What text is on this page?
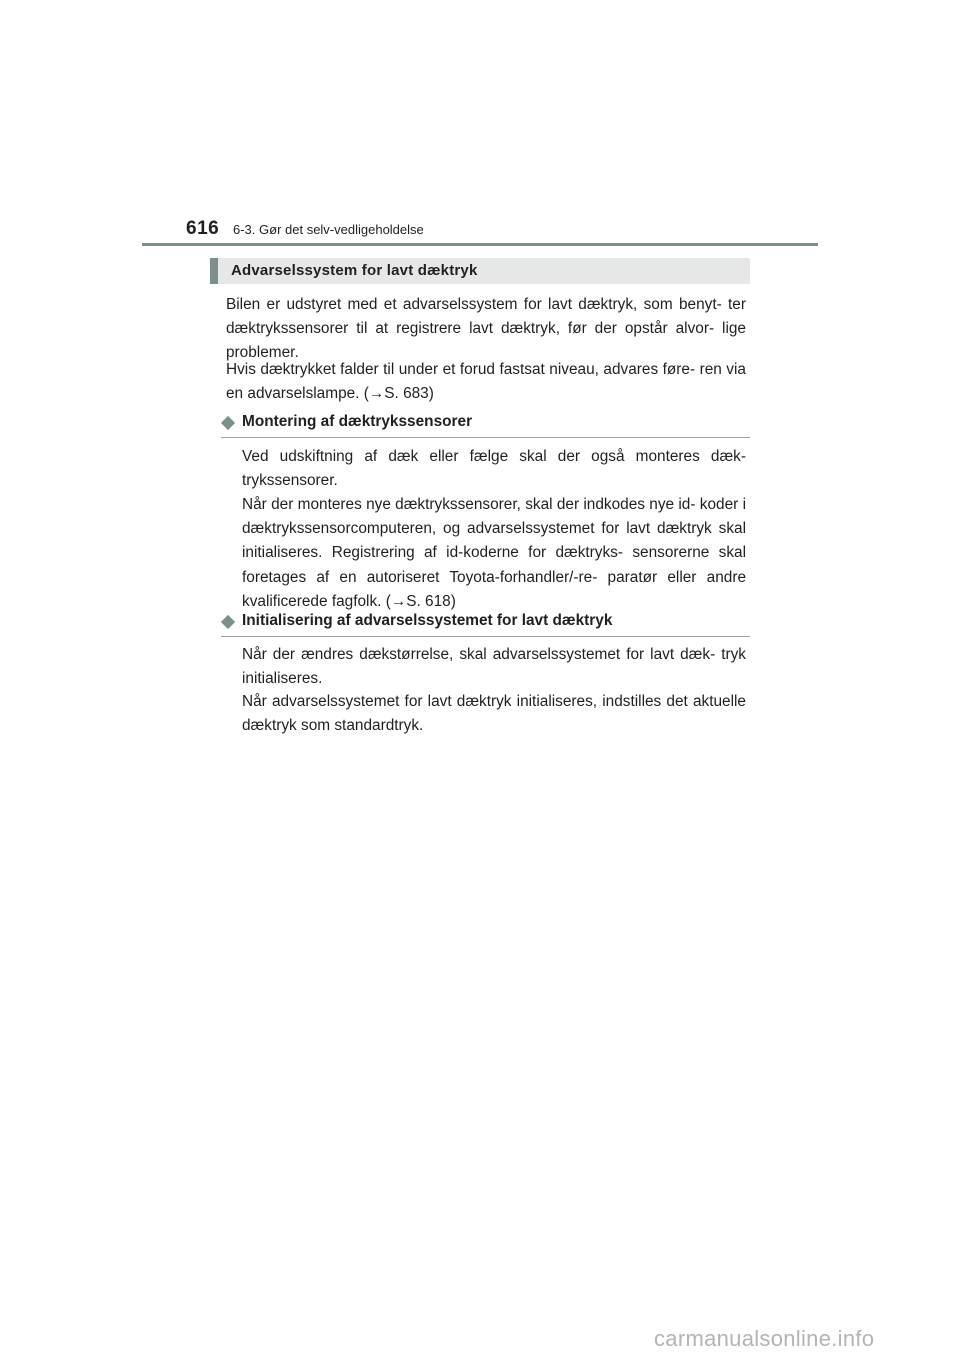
616 6-3. Gør det selv-vedligeholdelse
Advarselssystem for lavt dæktryk

Bilen er udstyret med et advarselssystem for lavt dæktryk, som benyt- ter dæktrykssensorer til at registrere lavt dæktryk, før der opstår alvor- lige problemer.

Hvis dæktrykket falder til under et forud fastsat niveau, advares føre- ren via en advarselslampe. (→S. 683)

Montering af dæktrykssensorer

Ved udskiftning af dæk eller fælge skal der også monteres dæk- trykssensorer.

Når der monteres nye dæktrykssensorer, skal der indkodes nye id- koder i dæktrykssensorcomputeren, og advarselssystemet for lavt dæktryk skal initialiseres. Registrering af id-koderne for dæktryks- sensorerne skal foretages af en autoriseret Toyota-forhandler/-re- paratør eller andre kvalificerede fagfolk. (→S. 618)

Initialisering af advarselssystemet for lavt dæktryk

Når der ændres dækstørrelse, skal advarselssystemet for lavt dæk- tryk initialiseres.

Når advarselssystemet for lavt dæktryk initialiseres, indstilles det aktuelle dæktryk som standardtryk.

carmanualsonline.info
